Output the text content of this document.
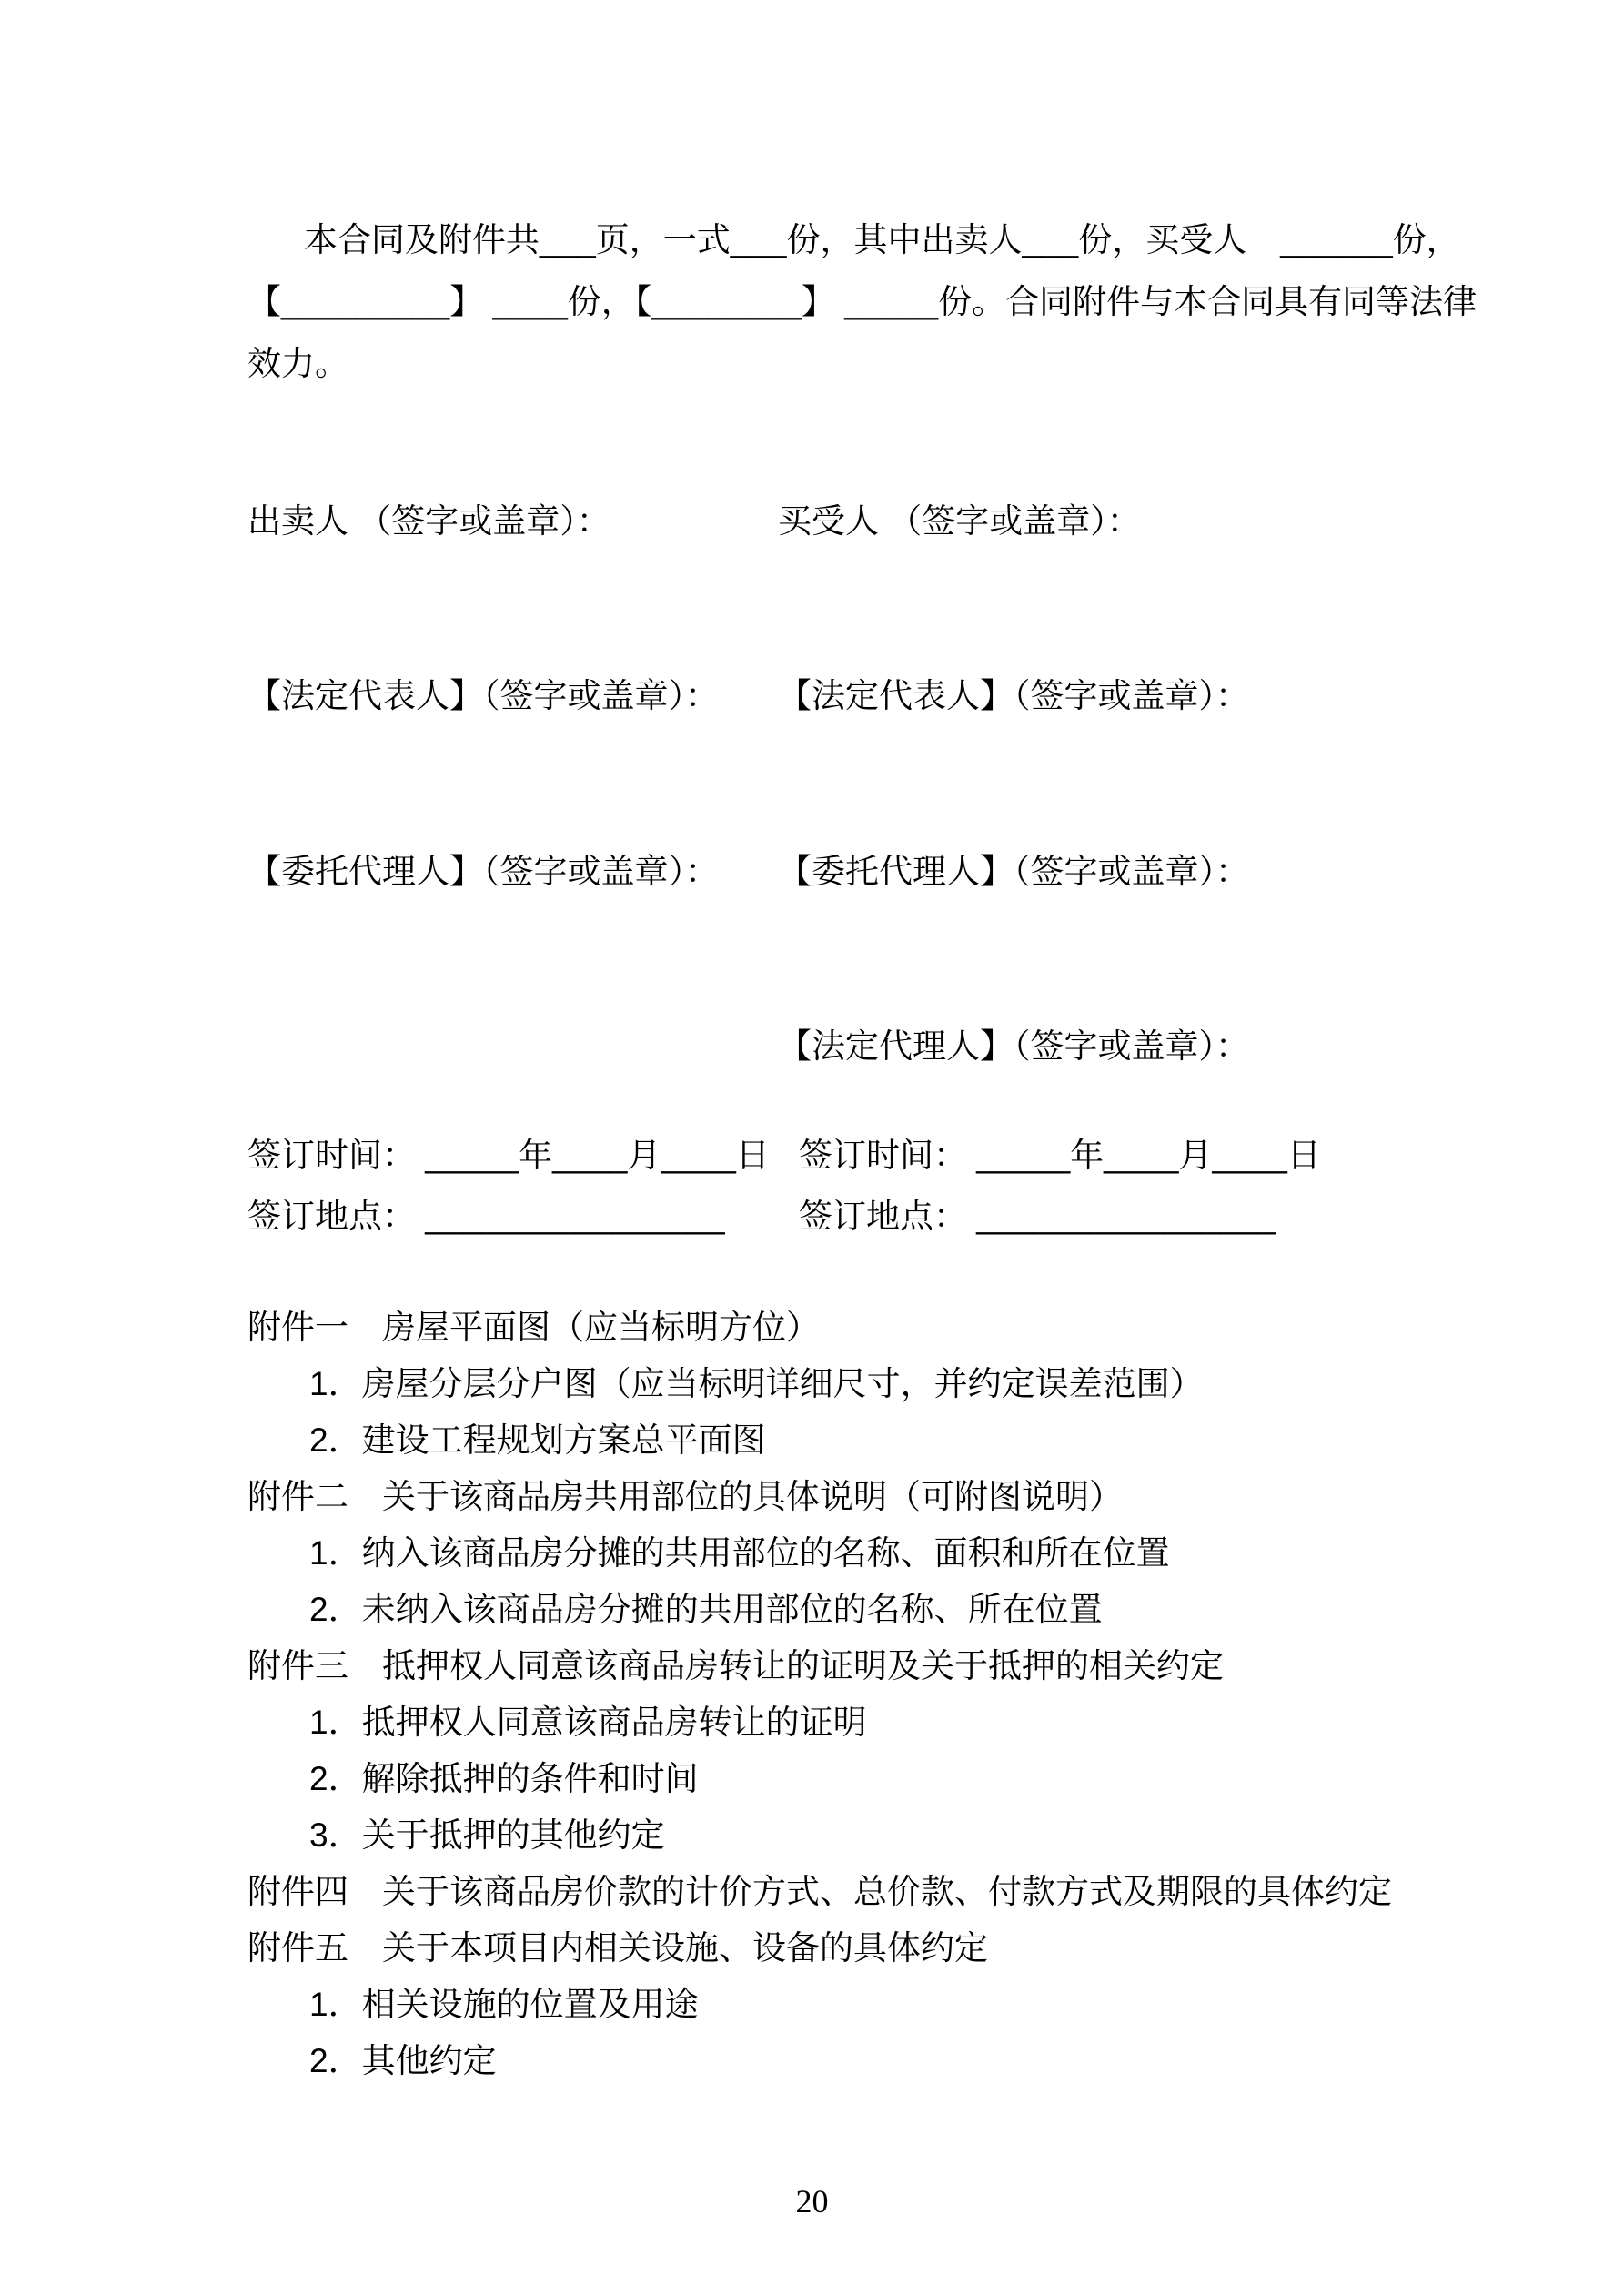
本合同及附件共___页，一式___份，其中出卖人___份，买受人　______份，
【_________】 ____份，【________】 _____份。合同附件与本合同具有同等法律
效力。

出卖人 （签字或盖章）：

	买受人 （签字或盖章）：

【法定代表人】（签字或盖章）：

【法定代表人】（签字或盖章）：

【委托代理人】（签字或盖章）：

【委托代理人】（签字或盖章）：

【法定代理人】（签字或盖章）：

签订时间： _____年____月____日

签订时间： _____年____月____日

签订地点： ________________

签订地点： ________________

附件一　房屋平面图（应当标明方位）
1．房屋分层分户图（应当标明详细尺寸，并约定误差范围）
2．建设工程规划方案总平面图
附件二　关于该商品房共用部位的具体说明（可附图说明）
1．纳入该商品房分摊的共用部位的名称、面积和所在位置
2．未纳入该商品房分摊的共用部位的名称、所在位置
附件三　抵押权人同意该商品房转让的证明及关于抵押的相关约定
1．抵押权人同意该商品房转让的证明
2．解除抵押的条件和时间
3．关于抵押的其他约定
附件四　关于该商品房价款的计价方式、总价款、付款方式及期限的具体约定
附件五　关于本项目内相关设施、设备的具体约定
1．相关设施的位置及用途
2．其他约定
20
